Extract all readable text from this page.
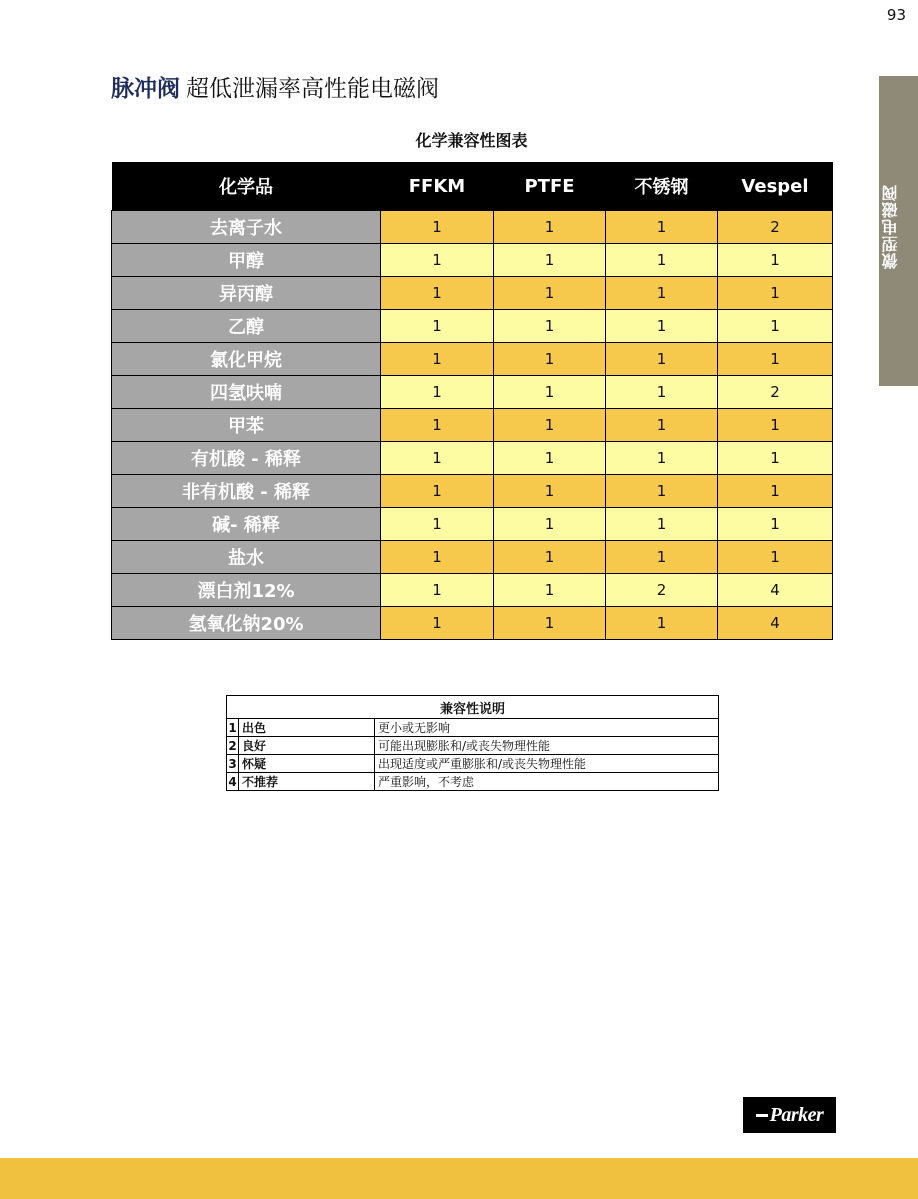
93
微型电磁阀
脉冲阀 超低泄漏率高性能电磁阀
化学兼容性图表
化学品	FFKM	PTFE	不锈钢	Vespel
去离子水	1	1	1	2
甲醇	1	1	1	1
异丙醇	1	1	1	1
乙醇	1	1	1	1
氯化甲烷	1	1	1	1
四氢呋喃	1	1	1	2
甲苯	1	1	1	1
有机酸 - 稀释	1	1	1	1
非有机酸 - 稀释	1	1	1	1
碱- 稀释	1	1	1	1
盐水	1	1	1	1
漂白剂12%	1	1	2	4
氢氧化钠20%	1	1	1	4
兼容性说明		
1	出色	更小或无影响
2	良好	可能出现膨胀和/或丧失物理性能
3	怀疑	出现适度或严重膨胀和/或丧失物理性能
4	不推荐	严重影响，不考虑
Parker
